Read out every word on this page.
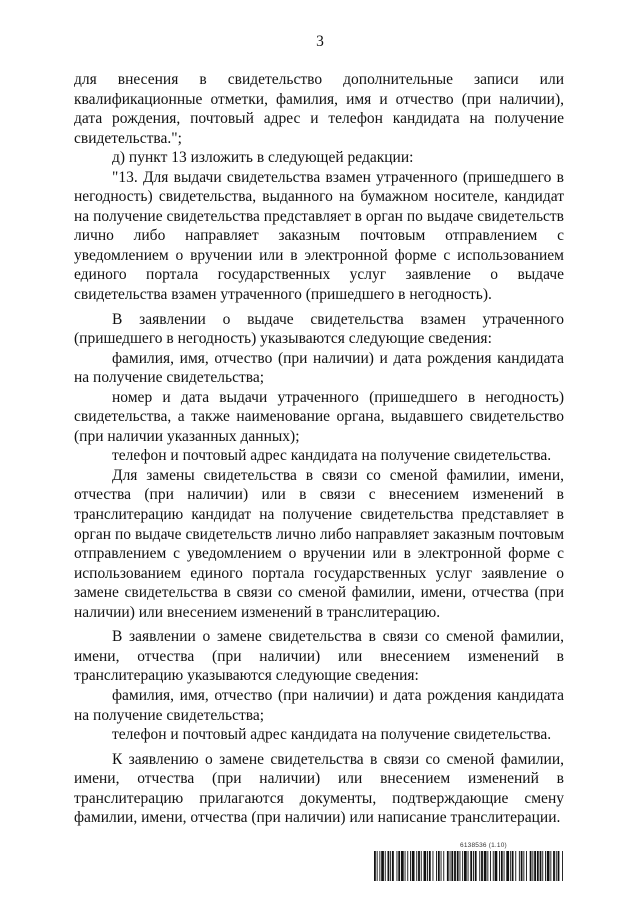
3

для внесения в свидетельство дополнительные записи или квалификационные отметки, фамилия, имя и отчество (при наличии), дата рождения, почтовый адрес и телефон кандидата на получение свидетельства.";

д) пункт 13 изложить в следующей редакции:

"13. Для выдачи свидетельства взамен утраченного (пришедшего в негодность) свидетельства, выданного на бумажном носителе, кандидат на получение свидетельства представляет в орган по выдаче свидетельств лично либо направляет заказным почтовым отправлением с уведомлением о вручении или в электронной форме с использованием единого портала государственных услуг заявление о выдаче свидетельства взамен утраченного (пришедшего в негодность).

В заявлении о выдаче свидетельства взамен утраченного (пришедшего в негодность) указываются следующие сведения:

фамилия, имя, отчество (при наличии) и дата рождения кандидата на получение свидетельства;

номер и дата выдачи утраченного (пришедшего в негодность) свидетельства, а также наименование органа, выдавшего свидетельство (при наличии указанных данных);

телефон и почтовый адрес кандидата на получение свидетельства.

Для замены свидетельства в связи со сменой фамилии, имени, отчества (при наличии) или в связи с внесением изменений в транслитерацию кандидат на получение свидетельства представляет в орган по выдаче свидетельств лично либо направляет заказным почтовым отправлением с уведомлением о вручении или в электронной форме с использованием единого портала государственных услуг заявление о замене свидетельства в связи со сменой фамилии, имени, отчества (при наличии) или внесением изменений в транслитерацию.

В заявлении о замене свидетельства в связи со сменой фамилии, имени, отчества (при наличии) или внесением изменений в транслитерацию указываются следующие сведения:

фамилия, имя, отчество (при наличии) и дата рождения кандидата на получение свидетельства;

телефон и почтовый адрес кандидата на получение свидетельства.

К заявлению о замене свидетельства в связи со сменой фамилии, имени, отчества (при наличии) или внесением изменений в транслитерацию прилагаются документы, подтверждающие смену фамилии, имени, отчества (при наличии) или написание транслитерации.

6138536 (1.10)
